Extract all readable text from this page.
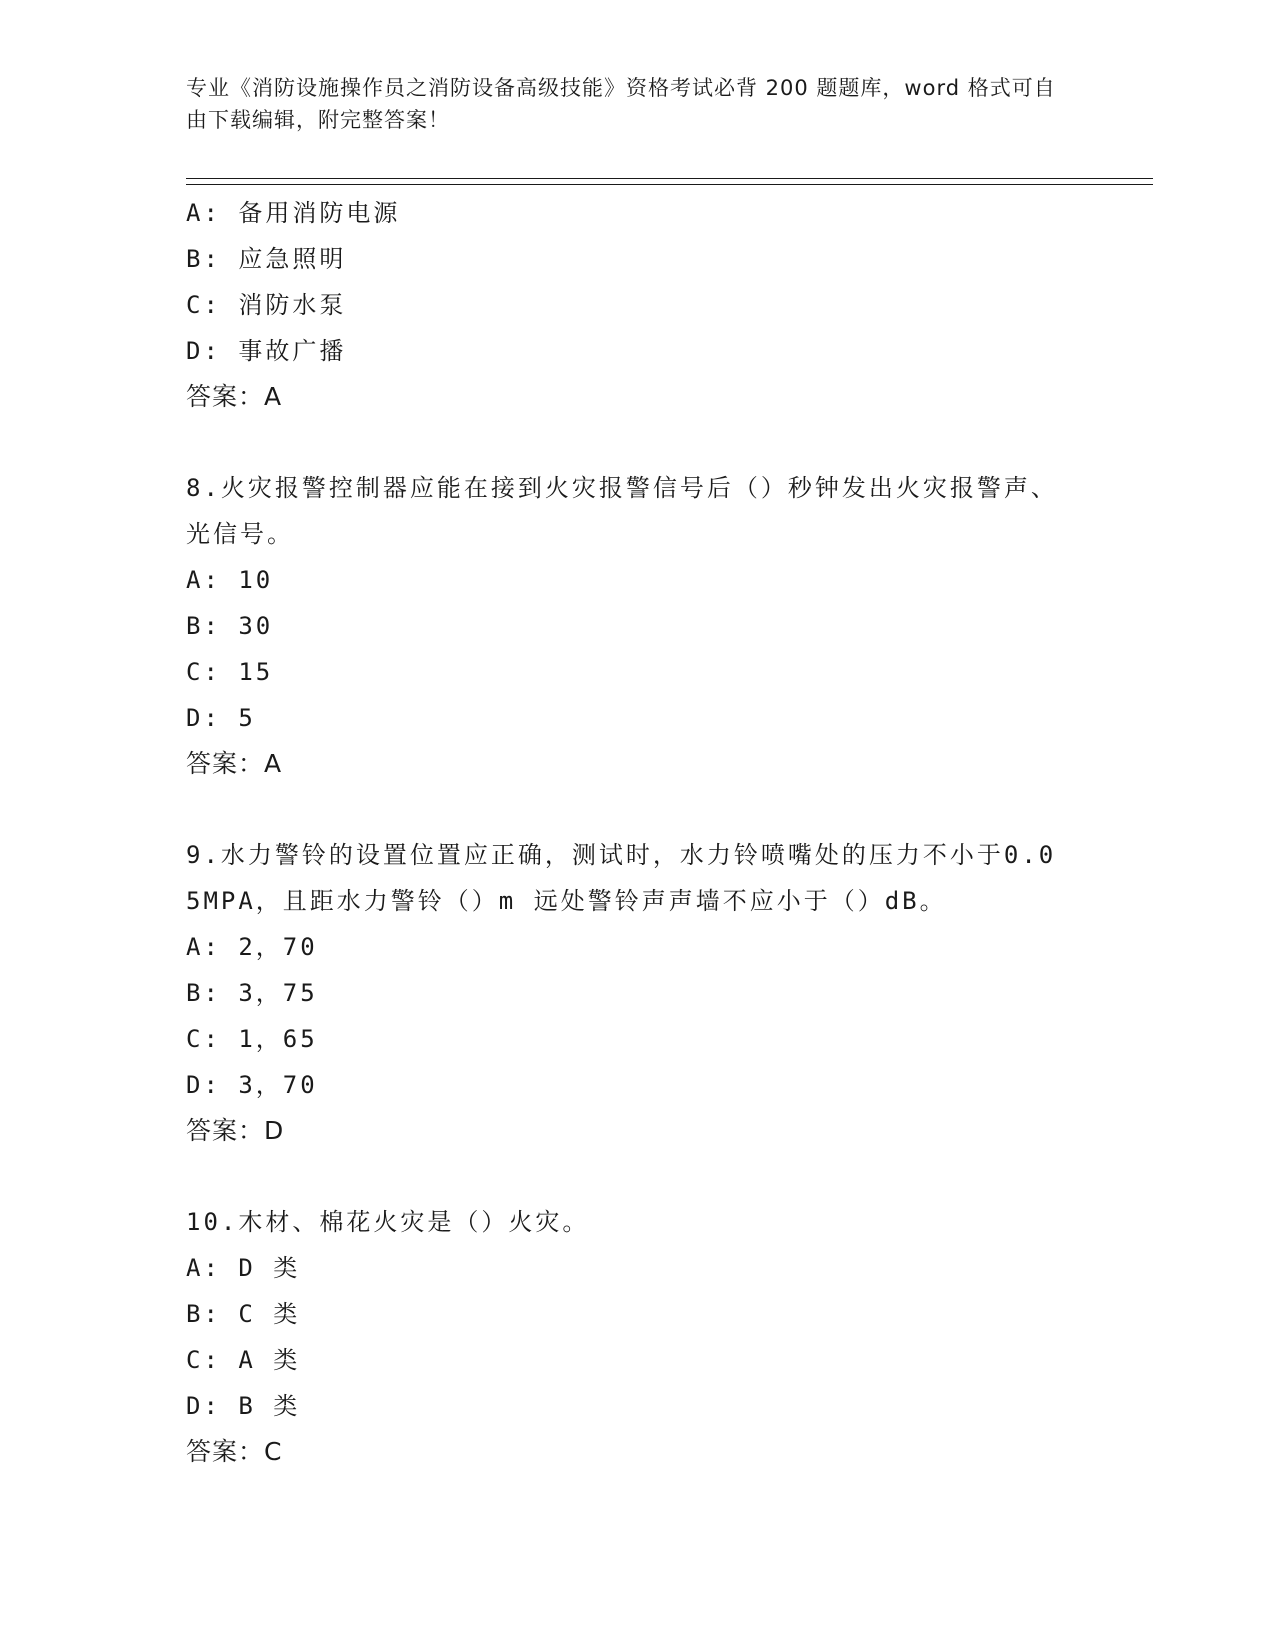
专业《消防设施操作员之消防设备高级技能》资格考试必背 200 题题库，word 格式可自由下载编辑，附完整答案！
A: 备用消防电源
B: 应急照明
C: 消防水泵
D: 事故广播
答案：A
8.火灾报警控制器应能在接到火灾报警信号后（）秒钟发出火灾报警声、光信号。
A: 10
B: 30
C: 15
D: 5
答案：A
9.水力警铃的设置位置应正确，测试时，水力铃喷嘴处的压力不小于0.05MPA，且距水力警铃（）m 远处警铃声声墙不应小于（）dB。
A: 2，70
B: 3，75
C: 1，65
D: 3，70
答案：D
10.木材、棉花火灾是（）火灾。
A: D 类
B: C 类
C: A 类
D: B 类
答案：C
